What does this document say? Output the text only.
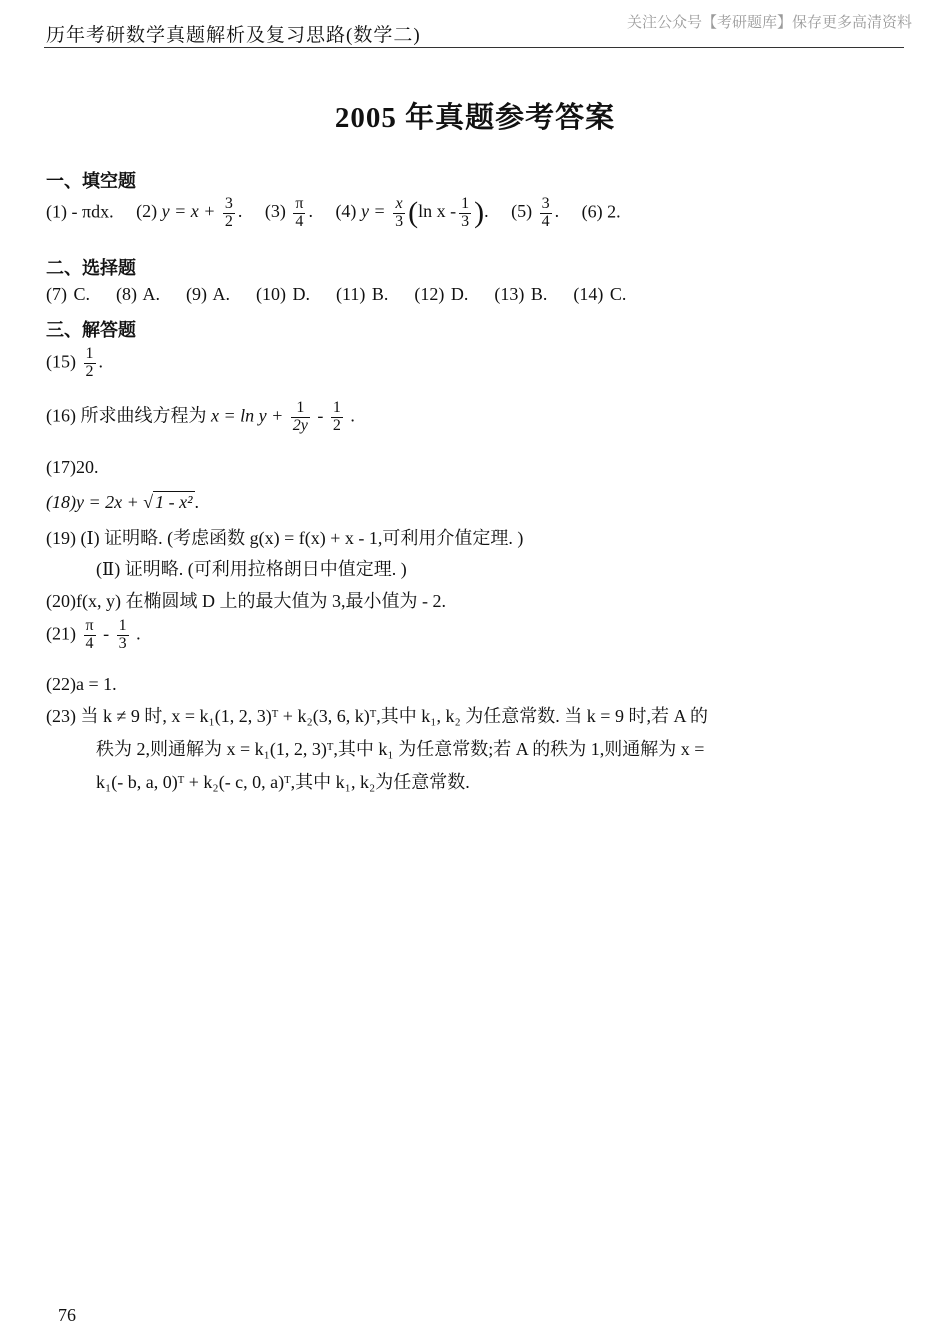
历年考研数学真题解析及复习思路(数学二)
关注公众号【考研题库】保存更多高清资料
2005 年真题参考答案
一、填空题
(1) - πdx. (2) $y = x + \frac{3}{2}$ . $(3) \frac{\pi}{4}$ . (4) $y = \frac{x}{3} (\ln$ x - $\frac{1}{3}$ ). $(5) \frac{3}{4}$ . (6) 2.
二、选择题
(7) C. (8) A. (9) A. (10) D. (11) B. (12) D. (13) B. (14) C.
三、解答题
$(15) \frac{1}{2}$ .
(16) 所求曲线方程为 $x = \ln y + \frac{1}{2y} - \frac{1}{2}$ .
(17)20.
(18)y = 2x + √ 1 - x² .
(19) (Ⅰ) 证明略. (考虑函数 g(x) = f(x) + x - 1,可利用介值定理. )
(Ⅱ) 证明略. (可利用拉格朗日中值定理. )
(20)f(x, y) 在椭圆域 D 上的最大值为 3,最小值为 - 2.
$(21) \frac{\pi}{4} - \frac{1}{3}$ .
(22)a = 1.
(23) 当 k ≠ 9 时, x = k₁(1, 2, 3)ᵀ + k₂(3, 6, k)ᵀ,其中 k₁, k₂ 为任意常数. 当 k = 9 时,若 A 的
秩为 2,则通解为 x = k₁(1, 2, 3)ᵀ,其中 k₁ 为任意常数;若 A 的秩为 1,则通解为 x =
k₁(- b, a, 0)ᵀ + k₂(- c, 0, a)ᵀ,其中 k₁, k₂为任意常数.
76
